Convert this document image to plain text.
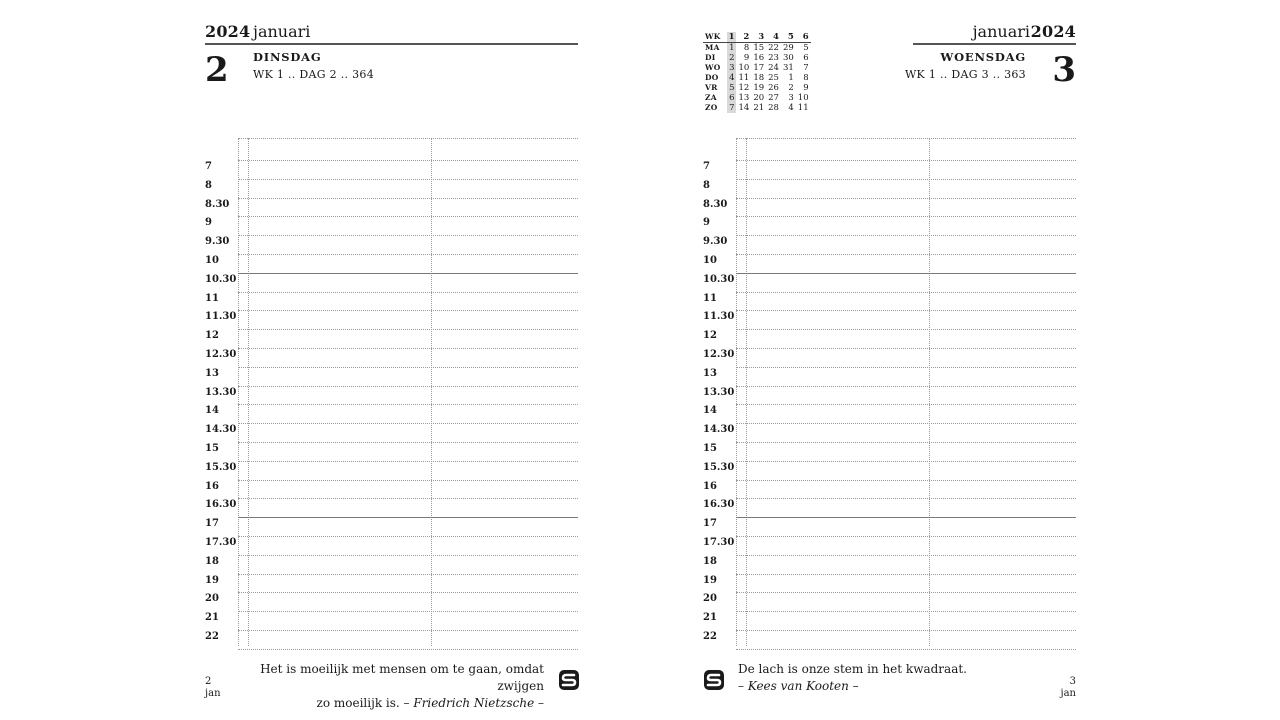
2024 januari
2 DINSDAG
WK 1 .. DAG 2 .. 364
7
8
8.30
9
9.30
10
10.30
11
11.30
12
12.30
13
13.30
14
14.30
15
15.30
16
16.30
17
17.30
18
19
20
21
22
Het is moeilijk met mensen om te gaan, omdat zwijgen
zo moeilijk is. – Friedrich Nietzsche –
2
jan
januari 2024
WOENSDAG
WK 1 .. DAG 3 .. 363 3
7
8
8.30
9
9.30
10
10.30
11
11.30
12
12.30
13
13.30
14
14.30
15
15.30
16
16.30
17
17.30
18
19
20
21
22
De lach is onze stem in het kwadraat.
– Kees van Kooten –	3
jan
WK	1	2	3	4	5	6
MA	1	8	15	22	29	5
DI	2	9	16	23	30	6
WO	3	10	17	24	31	7
DO	4	11	18	25	1	8
VR	5	12	19	26	2	9
ZA	6	13	20	27	3	10
ZO	7	14	21	28	4	11
